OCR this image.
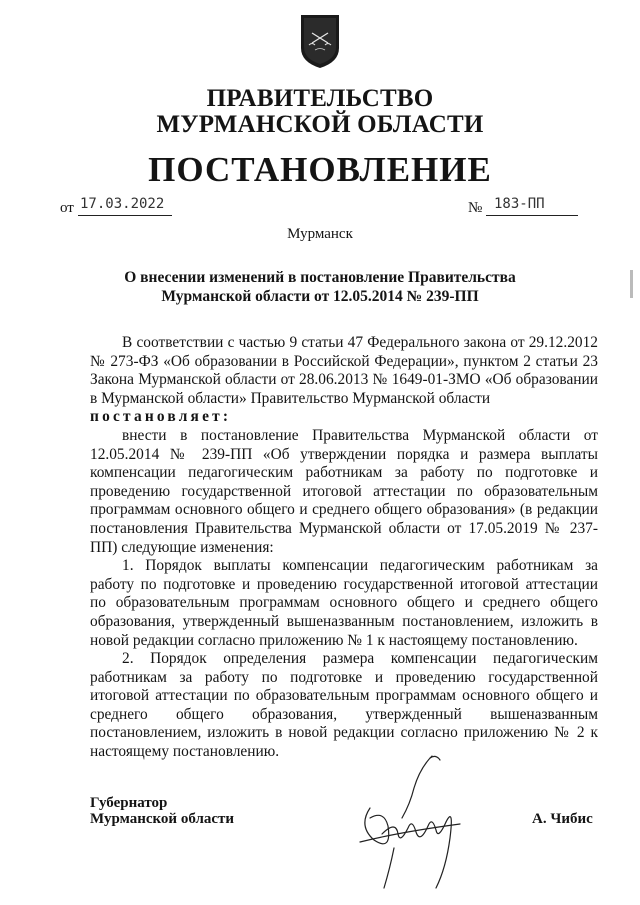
ПРАВИТЕЛЬСТВО
МУРМАНСКОЙ ОБЛАСТИ
ПОСТАНОВЛЕНИЕ
от 17.03.2022	№ 183-ПП
Мурманск
О внесении изменений в постановление Правительства
Мурманской области от 12.05.2014 № 239-ПП

В соответствии с частью 9 статьи 47 Федерального закона от 29.12.2012 № 273-ФЗ «Об образовании в Российской Федерации», пунктом 2 статьи 23 Закона Мурманской области от 28.06.2013 № 1649-01-ЗМО «Об образовании в Мурманской области» Правительство Мурманской области

постановляет:

внести в постановление Правительства Мурманской области от 12.05.2014 № 239-ПП «Об утверждении порядка и размера выплаты компенсации педагогическим работникам за работу по подготовке и проведению государственной итоговой аттестации по образовательным программам основного общего и среднего общего образования» (в редакции постановления Правительства Мурманской области от 17.05.2019 № 237-ПП) следующие изменения:

1. Порядок выплаты компенсации педагогическим работникам за работу по подготовке и проведению государственной итоговой аттестации по образовательным программам основного общего и среднего общего образования, утвержденный вышеназванным постановлением, изложить в новой редакции согласно приложению № 1 к настоящему постановлению.

2. Порядок определения размера компенсации педагогическим работникам за работу по подготовке и проведению государственной итоговой аттестации по образовательным программам основного общего и среднего общего образования, утвержденный вышеназванным постановлением, изложить в новой редакции согласно приложению № 2 к настоящему постановлению.

Губернатор
Мурманской области	А. Чибис
